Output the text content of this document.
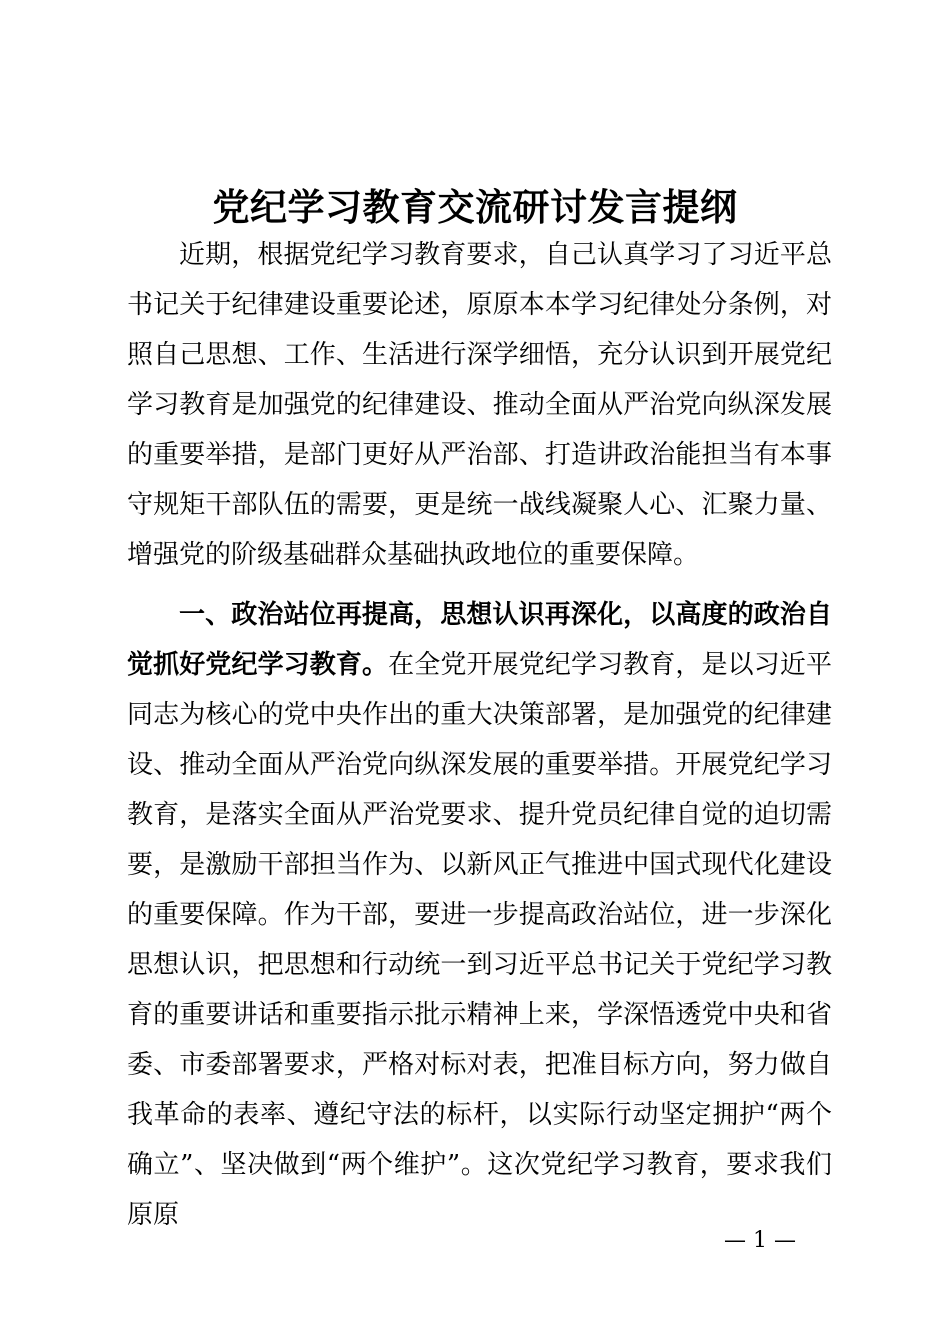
党纪学习教育交流研讨发言提纲

近期，根据党纪学习教育要求，自己认真学习了习近平总书记关于纪律建设重要论述，原原本本学习纪律处分条例，对照自己思想、工作、生活进行深学细悟，充分认识到开展党纪学习教育是加强党的纪律建设、推动全面从严治党向纵深发展的重要举措，是部门更好从严治部、打造讲政治能担当有本事守规矩干部队伍的需要，更是统一战线凝聚人心、汇聚力量、增强党的阶级基础群众基础执政地位的重要保障。

一、政治站位再提高，思想认识再深化，以高度的政治自觉抓好党纪学习教育。在全党开展党纪学习教育，是以习近平同志为核心的党中央作出的重大决策部署，是加强党的纪律建设、推动全面从严治党向纵深发展的重要举措。开展党纪学习教育，是落实全面从严治党要求、提升党员纪律自觉的迫切需要，是激励干部担当作为、以新风正气推进中国式现代化建设的重要保障。作为干部，要进一步提高政治站位，进一步深化思想认识，把思想和行动统一到习近平总书记关于党纪学习教育的重要讲话和重要指示批示精神上来，学深悟透党中央和省委、市委部署要求，严格对标对表，把准目标方向，努力做自我革命的表率、遵纪守法的标杆，以实际行动坚定拥护“两个确立”、坚决做到“两个维护”。这次党纪学习教育，要求我们原原

— 1 —
